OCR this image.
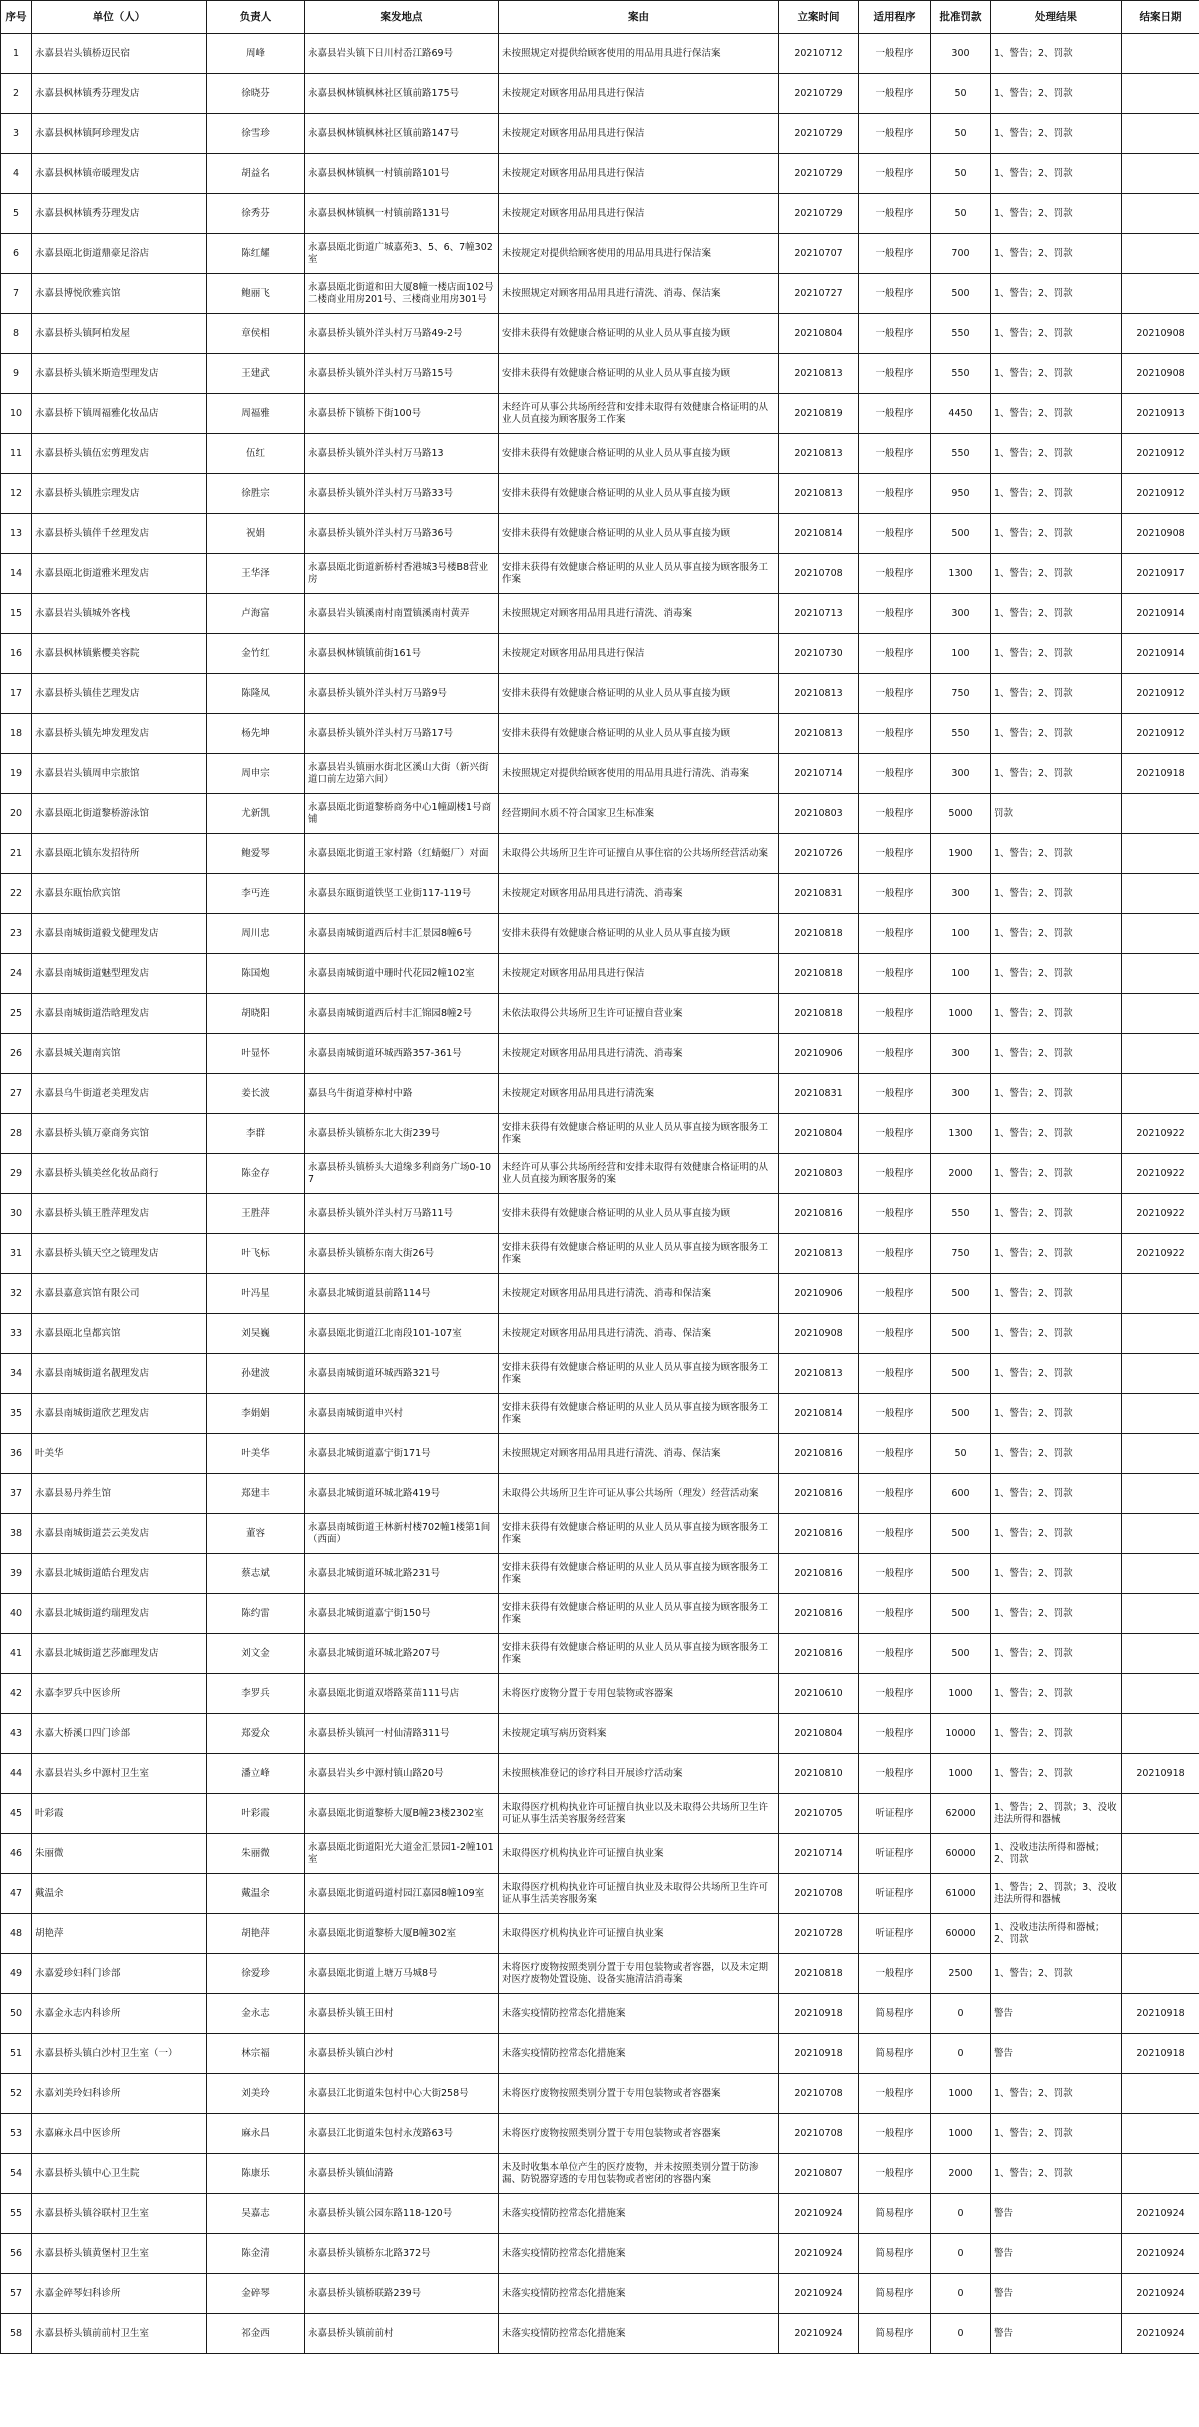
序号	单位（人）	负责人	案发地点	案由	立案时间	适用程序	批准罚款	处理结果	结案日期
1	永嘉县岩头镇桥迈民宿	周峰	永嘉县岩头镇下日川村岙江路69号	未按照规定对提供给顾客使用的用品用具进行保洁案	20210712	一般程序	300	1、警告；2、罚款	
2	永嘉县枫林镇秀芬理发店	徐晓芬	永嘉县枫林镇枫林社区镇前路175号	未按规定对顾客用品用具进行保洁	20210729	一般程序	50	1、警告；2、罚款	
3	永嘉县枫林镇阿珍理发店	徐雪珍	永嘉县枫林镇枫林社区镇前路147号	未按规定对顾客用品用具进行保洁	20210729	一般程序	50	1、警告；2、罚款	
4	永嘉县枫林镇帝暖理发店	胡益名	永嘉县枫林镇枫一村镇前路101号	未按规定对顾客用品用具进行保洁	20210729	一般程序	50	1、警告；2、罚款	
5	永嘉县枫林镇秀芬理发店	徐秀芬	永嘉县枫林镇枫一村镇前路131号	未按规定对顾客用品用具进行保洁	20210729	一般程序	50	1、警告；2、罚款	
6	永嘉县瓯北街道鼎豪足浴店	陈红耀	永嘉县瓯北街道广城嘉苑3、5、6、7幢302室	未按规定对提供给顾客使用的用品用具进行保洁案	20210707	一般程序	700	1、警告；2、罚款	
7	永嘉县博悦欣雅宾馆	鲍丽飞	永嘉县瓯北街道和田大厦8幢一楼店面102号二楼商业用房201号、三楼商业用房301号	未按照规定对顾客用品用具进行清洗、消毒、保洁案	20210727	一般程序	500	1、警告；2、罚款	
8	永嘉县桥头镇阿柏发屋	章侯相	永嘉县桥头镇外洋头村万马路49-2号	安排未获得有效健康合格证明的从业人员从事直接为顾	20210804	一般程序	550	1、警告；2、罚款	20210908
9	永嘉县桥头镇米斯造型理发店	王建武	永嘉县桥头镇外洋头村万马路15号	安排未获得有效健康合格证明的从业人员从事直接为顾	20210813	一般程序	550	1、警告；2、罚款	20210908
10	永嘉县桥下镇周福雅化妆品店	周福雅	永嘉县桥下镇桥下街100号	未经许可从事公共场所经营和安排未取得有效健康合格证明的从业人员直接为顾客服务工作案	20210819	一般程序	4450	1、警告；2、罚款	20210913
11	永嘉县桥头镇伍宏剪理发店	伍红	永嘉县桥头镇外洋头村万马路13	安排未获得有效健康合格证明的从业人员从事直接为顾	20210813	一般程序	550	1、警告；2、罚款	20210912
12	永嘉县桥头镇胜宗理发店	徐胜宗	永嘉县桥头镇外洋头村万马路33号	安排未获得有效健康合格证明的从业人员从事直接为顾	20210813	一般程序	950	1、警告；2、罚款	20210912
13	永嘉县桥头镇伴千丝理发店	祝娟	永嘉县桥头镇外洋头村万马路36号	安排未获得有效健康合格证明的从业人员从事直接为顾	20210814	一般程序	500	1、警告；2、罚款	20210908
14	永嘉县瓯北街道雅米理发店	王华泽	永嘉县瓯北街道新桥村香港城3号楼B8营业房	安排未获得有效健康合格证明的从业人员从事直接为顾客服务工作案	20210708	一般程序	1300	1、警告；2、罚款	20210917
15	永嘉县岩头镇城外客栈	卢海富	永嘉县岩头镇溪南村南置镇溪南村黄弄	未按照规定对顾客用品用具进行清洗、消毒案	20210713	一般程序	300	1、警告；2、罚款	20210914
16	永嘉县枫林镇紫樱美容院	金竹红	永嘉县枫林镇镇前街161号	未按规定对顾客用品用具进行保洁	20210730	一般程序	100	1、警告；2、罚款	20210914
17	永嘉县桥头镇佳艺理发店	陈隆凤	永嘉县桥头镇外洋头村万马路9号	安排未获得有效健康合格证明的从业人员从事直接为顾	20210813	一般程序	750	1、警告；2、罚款	20210912
18	永嘉县桥头镇先坤发理发店	杨先坤	永嘉县桥头镇外洋头村万马路17号	安排未获得有效健康合格证明的从业人员从事直接为顾	20210813	一般程序	550	1、警告；2、罚款	20210912
19	永嘉县岩头镇周申宗旅馆	周申宗	永嘉县岩头镇丽水街北区溪山大街（新兴街道口前左边第六间）	未按照规定对提供给顾客使用的用品用具进行清洗、消毒案	20210714	一般程序	300	1、警告；2、罚款	20210918
20	永嘉县瓯北街道黎桥游泳馆	尤新凯	永嘉县瓯北街道黎桥商务中心1幢副楼1号商铺	经营期间水质不符合国家卫生标准案	20210803	一般程序	5000	罚款	
21	永嘉县瓯北镇东发招待所	鲍爱琴	永嘉县瓯北街道王家村路（红蜻蜓厂）对面	未取得公共场所卫生许可证擅自从事住宿的公共场所经营活动案	20210726	一般程序	1900	1、警告；2、罚款	
22	永嘉县东瓯怡欣宾馆	李丐连	永嘉县东瓯街道铁坚工业街117-119号	未按规定对顾客用品用具进行清洗、消毒案	20210831	一般程序	300	1、警告；2、罚款	
23	永嘉县南城街道毅戈健理发店	周川忠	永嘉县南城街道西后村丰汇景园8幢6号	安排未获得有效健康合格证明的从业人员从事直接为顾	20210818	一般程序	100	1、警告；2、罚款	
24	永嘉县南城街道魅型理发店	陈国炮	永嘉县南城街道中珊时代花园2幢102室	未按规定对顾客用品用具进行保洁	20210818	一般程序	100	1、警告；2、罚款	
25	永嘉县南城街道浩晗理发店	胡晓阳	永嘉县南城街道西后村丰汇锦园8幢2号	未依法取得公共场所卫生许可证擅自营业案	20210818	一般程序	1000	1、警告；2、罚款	
26	永嘉县城关迦南宾馆	叶显怀	永嘉县南城街道环城西路357-361号	未按规定对顾客用品用具进行清洗、消毒案	20210906	一般程序	300	1、警告；2、罚款	
27	永嘉县乌牛街道老美理发店	姜长波	嘉县乌牛街道芽樟村中路	未按规定对顾客用品用具进行清洗案	20210831	一般程序	300	1、警告；2、罚款	
28	永嘉县桥头镇万豪商务宾馆	李群	永嘉县桥头镇桥东北大街239号	安排未获得有效健康合格证明的从业人员从事直接为顾客服务工作案	20210804	一般程序	1300	1、警告；2、罚款	20210922
29	永嘉县桥头镇美丝化妆品商行	陈金存	永嘉县桥头镇桥头大道缘多利商务广场0-107	未经许可从事公共场所经营和安排未取得有效健康合格证明的从业人员直接为顾客服务的案	20210803	一般程序	2000	1、警告；2、罚款	20210922
30	永嘉县桥头镇王胜萍理发店	王胜萍	永嘉县桥头镇外洋头村万马路11号	安排未获得有效健康合格证明的从业人员从事直接为顾	20210816	一般程序	550	1、警告；2、罚款	20210922
31	永嘉县桥头镇天空之镜理发店	叶飞标	永嘉县桥头镇桥东南大街26号	安排未获得有效健康合格证明的从业人员从事直接为顾客服务工作案	20210813	一般程序	750	1、警告；2、罚款	20210922
32	永嘉县嘉意宾馆有限公司	叶冯星	永嘉县北城街道县前路114号	未按规定对顾客用品用具进行清洗、消毒和保洁案	20210906	一般程序	500	1、警告；2、罚款	
33	永嘉县瓯北皇都宾馆	刘吴巍	永嘉县瓯北街道江北南段101-107室	未按规定对顾客用品用具进行清洗、消毒、保洁案	20210908	一般程序	500	1、警告；2、罚款	
34	永嘉县南城街道名靓理发店	孙建波	永嘉县南城街道环城西路321号	安排未获得有效健康合格证明的从业人员从事直接为顾客服务工作案	20210813	一般程序	500	1、警告；2、罚款	
35	永嘉县南城街道欣艺理发店	李娟娟	永嘉县南城街道申兴村	安排未获得有效健康合格证明的从业人员从事直接为顾客服务工作案	20210814	一般程序	500	1、警告；2、罚款	
36	叶美华	叶美华	永嘉县北城街道嘉宁街171号	未按照规定对顾客用品用具进行清洗、消毒、保洁案	20210816	一般程序	50	1、警告；2、罚款	
37	永嘉县易丹养生馆	郑建丰	永嘉县北城街道环城北路419号	未取得公共场所卫生许可证从事公共场所（理发）经营活动案	20210816	一般程序	600	1、警告；2、罚款	
38	永嘉县南城街道芸云美发店	董容	永嘉县南城街道王林新村楼702幢1楼第1间（西面）	安排未获得有效健康合格证明的从业人员从事直接为顾客服务工作案	20210816	一般程序	500	1、警告；2、罚款	
39	永嘉县北城街道皓台理发店	蔡志斌	永嘉县北城街道环城北路231号	安排未获得有效健康合格证明的从业人员从事直接为顾客服务工作案	20210816	一般程序	500	1、警告；2、罚款	
40	永嘉县北城街道约瑞理发店	陈约雷	永嘉县北城街道嘉宁街150号	安排未获得有效健康合格证明的从业人员从事直接为顾客服务工作案	20210816	一般程序	500	1、警告；2、罚款	
41	永嘉县北城街道艺莎廊理发店	刘文金	永嘉县北城街道环城北路207号	安排未获得有效健康合格证明的从业人员从事直接为顾客服务工作案	20210816	一般程序	500	1、警告；2、罚款	
42	永嘉李罗兵中医诊所	李罗兵	永嘉县瓯北街道双塔路菜苗111号店	未将医疗废物分置于专用包装物或容器案	20210610	一般程序	1000	1、警告；2、罚款	
43	永嘉大桥溪口四门诊部	郑爱众	永嘉县桥头镇河一村仙清路311号	未按规定填写病历资料案	20210804	一般程序	10000	1、警告；2、罚款	
44	永嘉县岩头乡中源村卫生室	潘立峰	永嘉县岩头乡中源村镇山路20号	未按照核准登记的诊疗科目开展诊疗活动案	20210810	一般程序	1000	1、警告；2、罚款	20210918
45	叶彩霞	叶彩霞	永嘉县瓯北街道黎桥大厦B幢23楼2302室	未取得医疗机构执业许可证擅自执业以及未取得公共场所卫生许可证从事生活美容服务经营案	20210705	听证程序	62000	1、警告；2、罚款；3、没收违法所得和器械	
46	朱丽微	朱丽微	永嘉县瓯北街道阳光大道金汇景园1-2幢101室	未取得医疗机构执业许可证擅自执业案	20210714	听证程序	60000	1、没收违法所得和器械；2、罚款	
47	戴温余	戴温余	永嘉县瓯北街道码道村园江嘉园8幢109室	未取得医疗机构执业许可证擅自执业及未取得公共场所卫生许可证从事生活美容服务案	20210708	听证程序	61000	1、警告；2、罚款；3、没收违法所得和器械	
48	胡艳萍	胡艳萍	永嘉县瓯北街道黎桥大厦B幢302室	未取得医疗机构执业许可证擅自执业案	20210728	听证程序	60000	1、没收违法所得和器械；2、罚款	
49	永嘉爱珍妇科门诊部	徐爱珍	永嘉县瓯北街道上塘万马城8号	未将医疗废物按照类别分置于专用包装物或者容器，以及未定期对医疗废物处置设施、设备实施清洁消毒案	20210818	一般程序	2500	1、警告；2、罚款	
50	永嘉金永志内科诊所	金永志	永嘉县桥头镇王田村	未落实疫情防控常态化措施案	20210918	简易程序	0	警告	20210918
51	永嘉县桥头镇白沙村卫生室（一）	林宗福	永嘉县桥头镇白沙村	未落实疫情防控常态化措施案	20210918	简易程序	0	警告	20210918
52	永嘉刘美玲妇科诊所	刘美玲	永嘉县江北街道朱包村中心大街258号	未将医疗废物按照类别分置于专用包装物或者容器案	20210708	一般程序	1000	1、警告；2、罚款	
53	永嘉麻永昌中医诊所	麻永昌	永嘉县江北街道朱包村永茂路63号	未将医疗废物按照类别分置于专用包装物或者容器案	20210708	一般程序	1000	1、警告；2、罚款	
54	永嘉县桥头镇中心卫生院	陈康乐	永嘉县桥头镇仙清路	未及时收集本单位产生的医疗废物，并未按照类别分置于防渗漏、防锐器穿透的专用包装物或者密闭的容器内案	20210807	一般程序	2000	1、警告；2、罚款	
55	永嘉县桥头镇谷联村卫生室	吴嘉志	永嘉县桥头镇公园东路118-120号	未落实疫情防控常态化措施案	20210924	简易程序	0	警告	20210924
56	永嘉县桥头镇黄堡村卫生室	陈金清	永嘉县桥头镇桥东北路372号	未落实疫情防控常态化措施案	20210924	简易程序	0	警告	20210924
57	永嘉金碎琴妇科诊所	金碎琴	永嘉县桥头镇桥联路239号	未落实疫情防控常态化措施案	20210924	简易程序	0	警告	20210924
58	永嘉县桥头镇前前村卫生室	祁金西	永嘉县桥头镇前前村	未落实疫情防控常态化措施案	20210924	简易程序	0	警告	20210924
